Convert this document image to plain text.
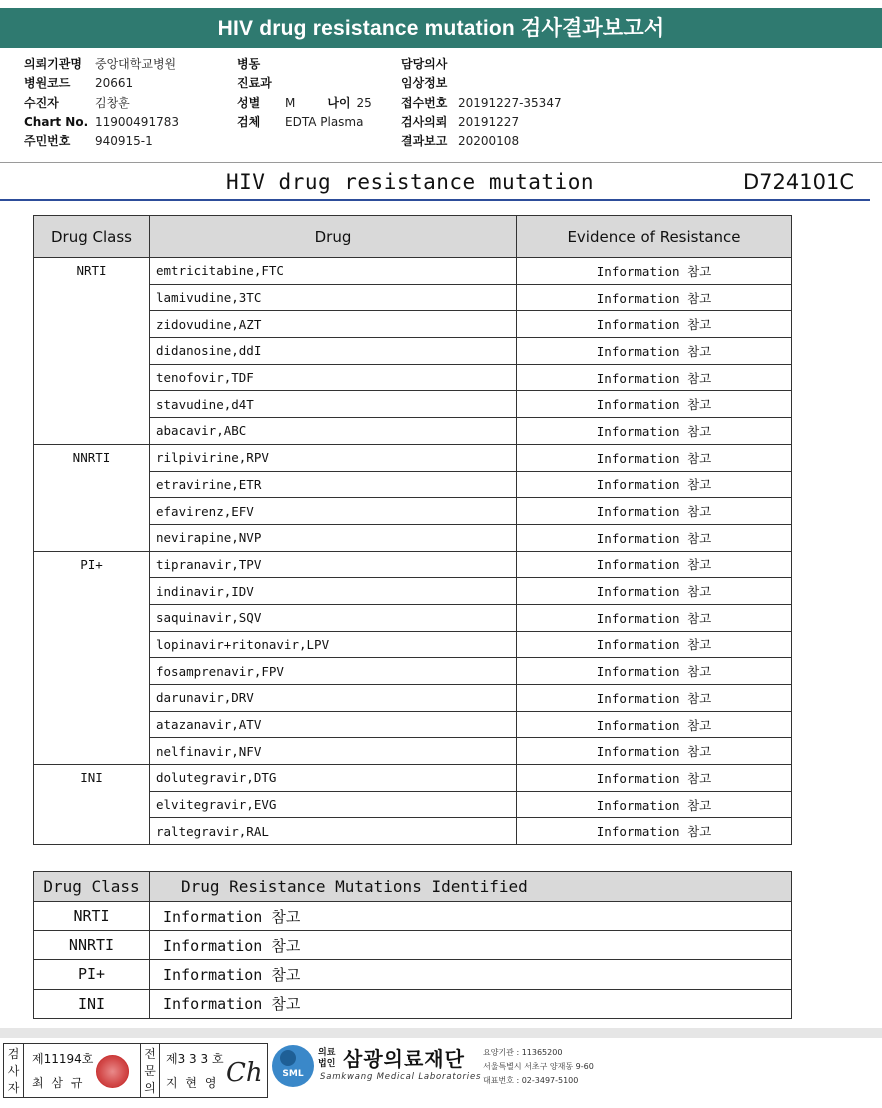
HIV drug resistance mutation 검사결과보고서
의뢰기관명 중앙대학교병원
병원코드 20661
수진자	김창훈
Chart No. 11900491783
주민번호 940915-1
병동
진료과
성별 M	나이 25
검체 EDTA Plasma
담당의사
임상정보
접수번호 20191227-35347
검사의뢰 20191227
결과보고 20200108
HIV drug resistance mutation	D724101C
Drug Class	Drug	Evidence of Resistance
NRTI	emtricitabine,FTC	Information 참고
	lamivudine,3TC	Information 참고
	zidovudine,AZT	Information 참고
	didanosine,ddI	Information 참고
	tenofovir,TDF	Information 참고
	stavudine,d4T	Information 참고
	abacavir,ABC	Information 참고
NNRTI	rilpivirine,RPV	Information 참고
	etravirine,ETR	Information 참고
	efavirenz,EFV	Information 참고
	nevirapine,NVP	Information 참고
PI+	tipranavir,TPV	Information 참고
	indinavir,IDV	Information 참고
	saquinavir,SQV	Information 참고
	lopinavir+ritonavir,LPV	Information 참고
	fosamprenavir,FPV	Information 참고
	darunavir,DRV	Information 참고
	atazanavir,ATV	Information 참고
	nelfinavir,NFV	Information 참고
INI	dolutegravir,DTG	Information 참고
	elvitegravir,EVG	Information 참고
	raltegravir,RAL	Information 참고
Drug Class	Drug Resistance Mutations Identified
NRTI	Information 참고
NNRTI	Information 참고
PI+	Information 참고
INI	Information 참고
검사자
제11194호
최 삼 규
전문의
제3 3 3 호
지 현 영 Ch	SML
의료
법인 삼광의료재단
Samkwang Medical Laboratories
요양기관 : 11365200
서울특별시 서초구 양재동 9-60
대표번호 : 02-3497-5100
